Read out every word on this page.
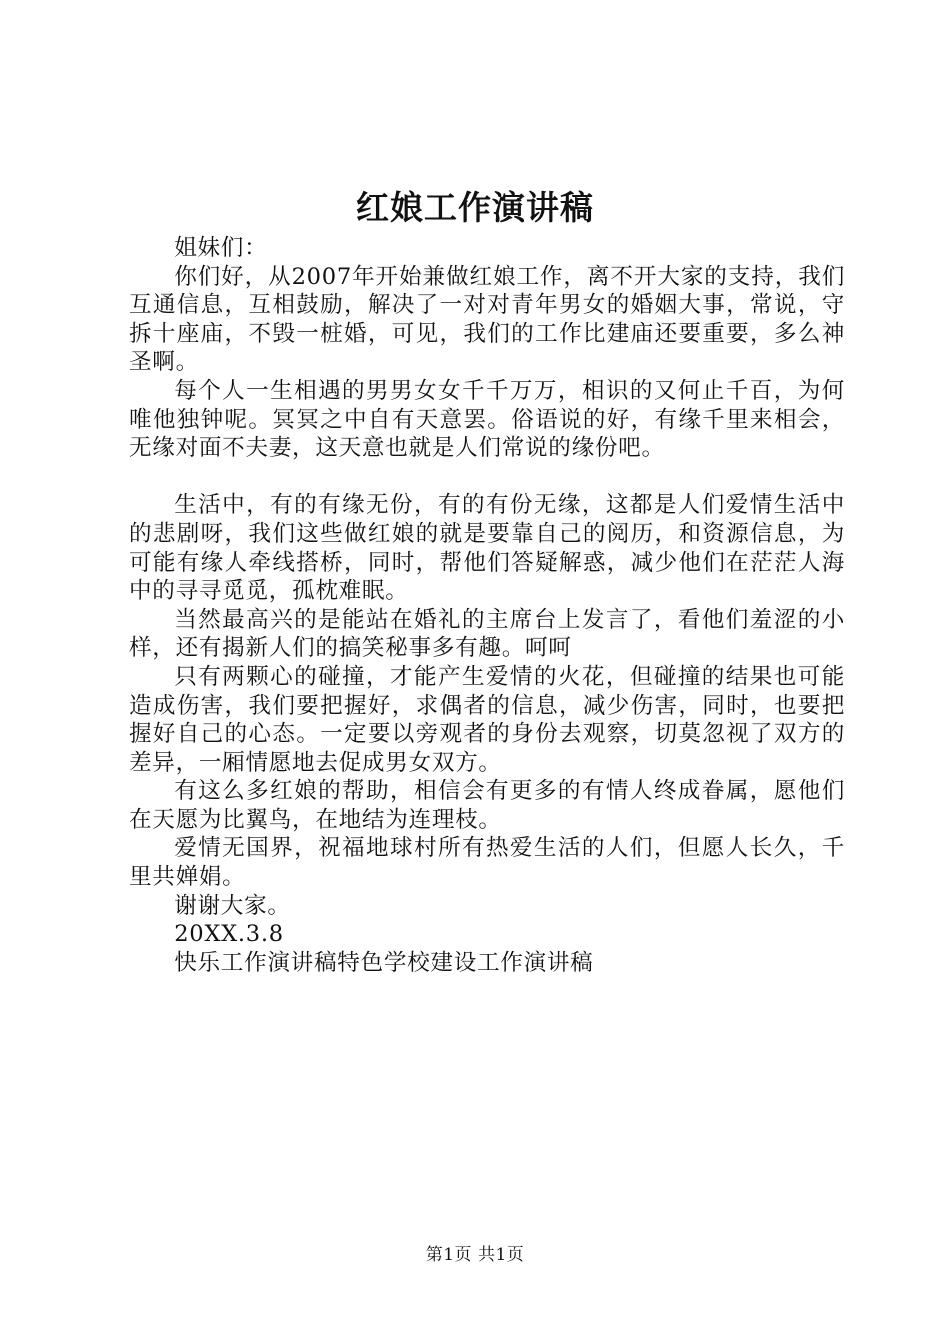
红娘工作演讲稿

姐妹们：

你们好，从2007年开始兼做红娘工作，离不开大家的支持，我们互通信息，互相鼓励，解决了一对对青年男女的婚姻大事，常说，守拆十座庙，不毁一桩婚，可见，我们的工作比建庙还要重要，多么神圣啊。

每个人一生相遇的男男女女千千万万，相识的又何止千百，为何唯他独钟呢。冥冥之中自有天意罢。俗语说的好，有缘千里来相会，无缘对面不夫妻，这天意也就是人们常说的缘份吧。

生活中，有的有缘无份，有的有份无缘，这都是人们爱情生活中的悲剧呀，我们这些做红娘的就是要靠自己的阅历，和资源信息，为可能有缘人牵线搭桥，同时，帮他们答疑解惑，减少他们在茫茫人海中的寻寻觅觅，孤枕难眠。

当然最高兴的是能站在婚礼的主席台上发言了，看他们羞涩的小样，还有揭新人们的搞笑秘事多有趣。呵呵

只有两颗心的碰撞，才能产生爱情的火花，但碰撞的结果也可能造成伤害，我们要把握好，求偶者的信息，减少伤害，同时，也要把握好自己的心态。一定要以旁观者的身份去观察，切莫忽视了双方的差异，一厢情愿地去促成男女双方。

有这么多红娘的帮助，相信会有更多的有情人终成眷属，愿他们在天愿为比翼鸟，在地结为连理枝。

爱情无国界，祝福地球村所有热爱生活的人们，但愿人长久，千里共婵娟。

谢谢大家。

20XX.3.8

快乐工作演讲稿特色学校建设工作演讲稿

第1页 共1页
